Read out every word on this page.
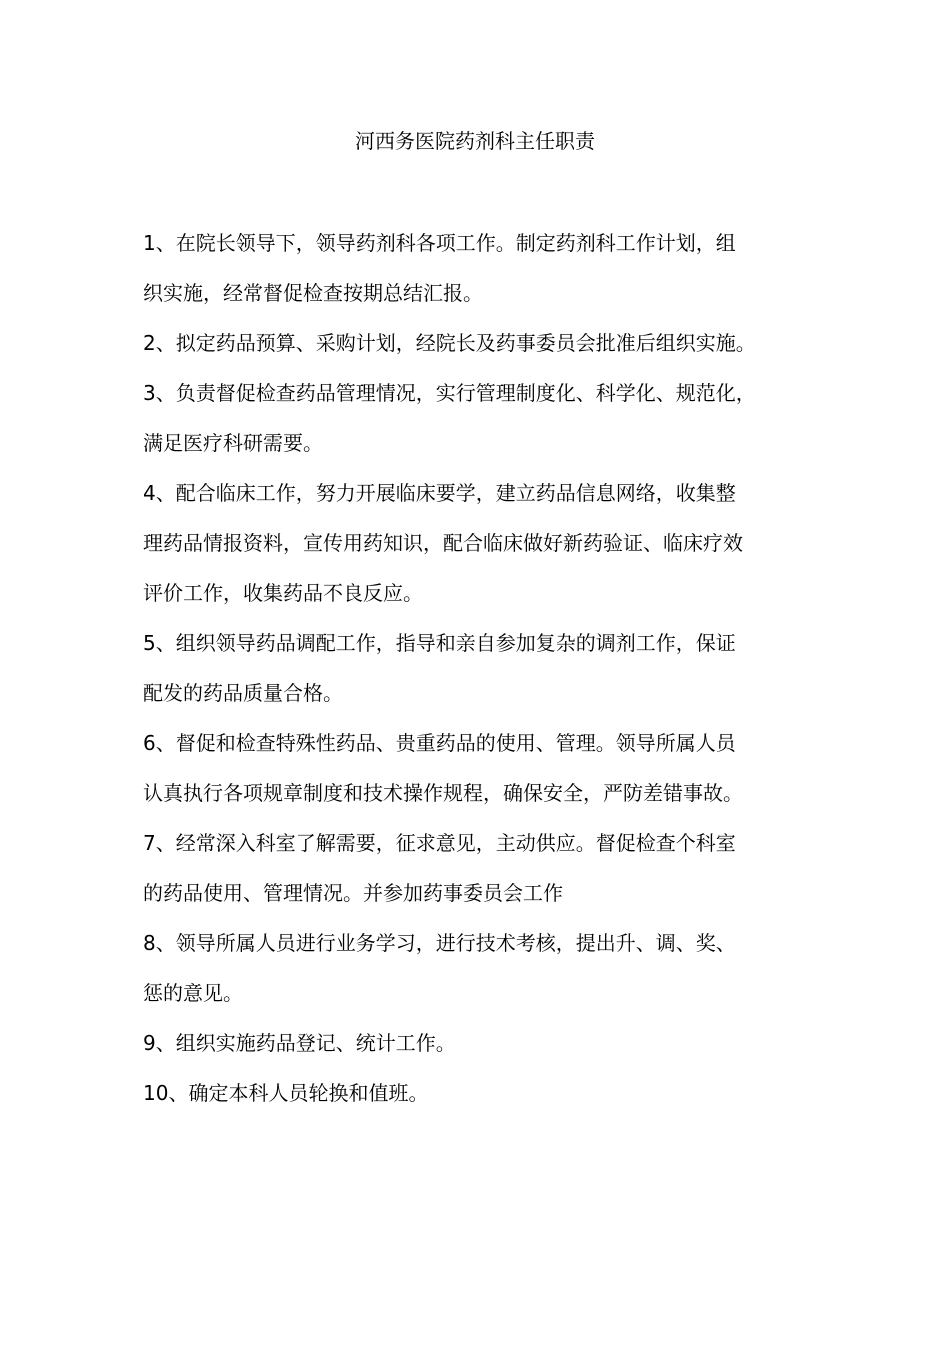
河西务医院药剂科主任职责
1、在院长领导下，领导药剂科各项工作。制定药剂科工作计划，组
织实施，经常督促检查按期总结汇报。
2、拟定药品预算、采购计划，经院长及药事委员会批准后组织实施。
3、负责督促检查药品管理情况，实行管理制度化、科学化、规范化，
满足医疗科研需要。
4、配合临床工作，努力开展临床要学，建立药品信息网络，收集整
理药品情报资料，宣传用药知识，配合临床做好新药验证、临床疗效
评价工作，收集药品不良反应。
5、组织领导药品调配工作，指导和亲自参加复杂的调剂工作，保证
配发的药品质量合格。
6、督促和检查特殊性药品、贵重药品的使用、管理。领导所属人员
认真执行各项规章制度和技术操作规程，确保安全，严防差错事故。
7、经常深入科室了解需要，征求意见，主动供应。督促检查个科室
的药品使用、管理情况。并参加药事委员会工作
8、领导所属人员进行业务学习，进行技术考核，提出升、调、奖、
惩的意见。
9、组织实施药品登记、统计工作。
10、确定本科人员轮换和值班。
